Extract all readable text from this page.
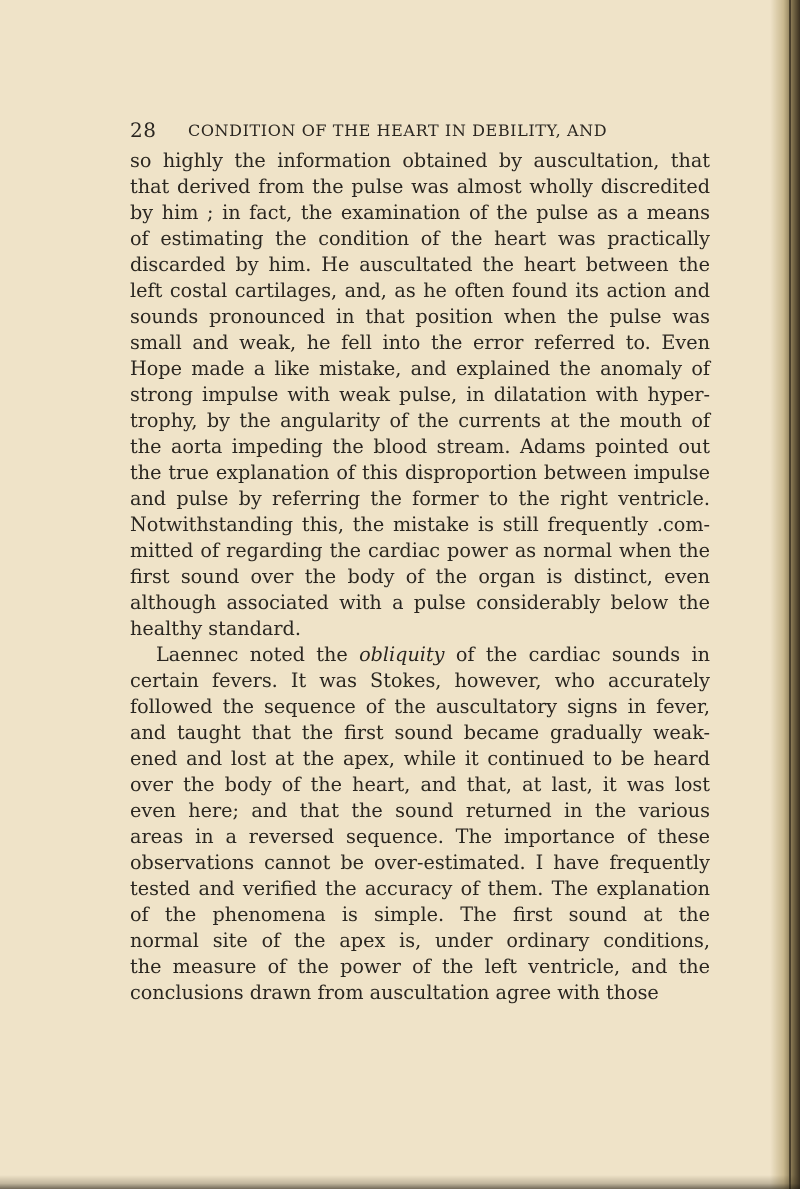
28 CONDITION OF THE HEART IN DEBILITY, AND
so highly the information obtained by auscultation, that
that derived from the pulse was almost wholly discredited
by him ; in fact, the examination of the pulse as a means
of estimating the condition of the heart was practically
discarded by him. He auscultated the heart between the
left costal cartilages, and, as he often found its action and
sounds pronounced in that position when the pulse was
small and weak, he fell into the error referred to. Even
Hope made a like mistake, and explained the anomaly of
strong impulse with weak pulse, in dilatation with hyper-
trophy, by the angularity of the currents at the mouth of
the aorta impeding the blood stream. Adams pointed out
the true explanation of this disproportion between impulse
and pulse by referring the former to the right ventricle.
Notwithstanding this, the mistake is still frequently .com-
mitted of regarding the cardiac power as normal when the
first sound over the body of the organ is distinct, even
although associated with a pulse considerably below the
healthy standard.
Laennec noted the obliquity of the cardiac sounds in
certain fevers. It was Stokes, however, who accurately
followed the sequence of the auscultatory signs in fever,
and taught that the first sound became gradually weak-
ened and lost at the apex, while it continued to be heard
over the body of the heart, and that, at last, it was lost
even here; and that the sound returned in the various
areas in a reversed sequence. The importance of these
observations cannot be over-estimated. I have frequently
tested and verified the accuracy of them. The explanation
of the phenomena is simple. The first sound at the
normal site of the apex is, under ordinary conditions,
the measure of the power of the left ventricle, and the
conclusions drawn from auscultation agree with those
